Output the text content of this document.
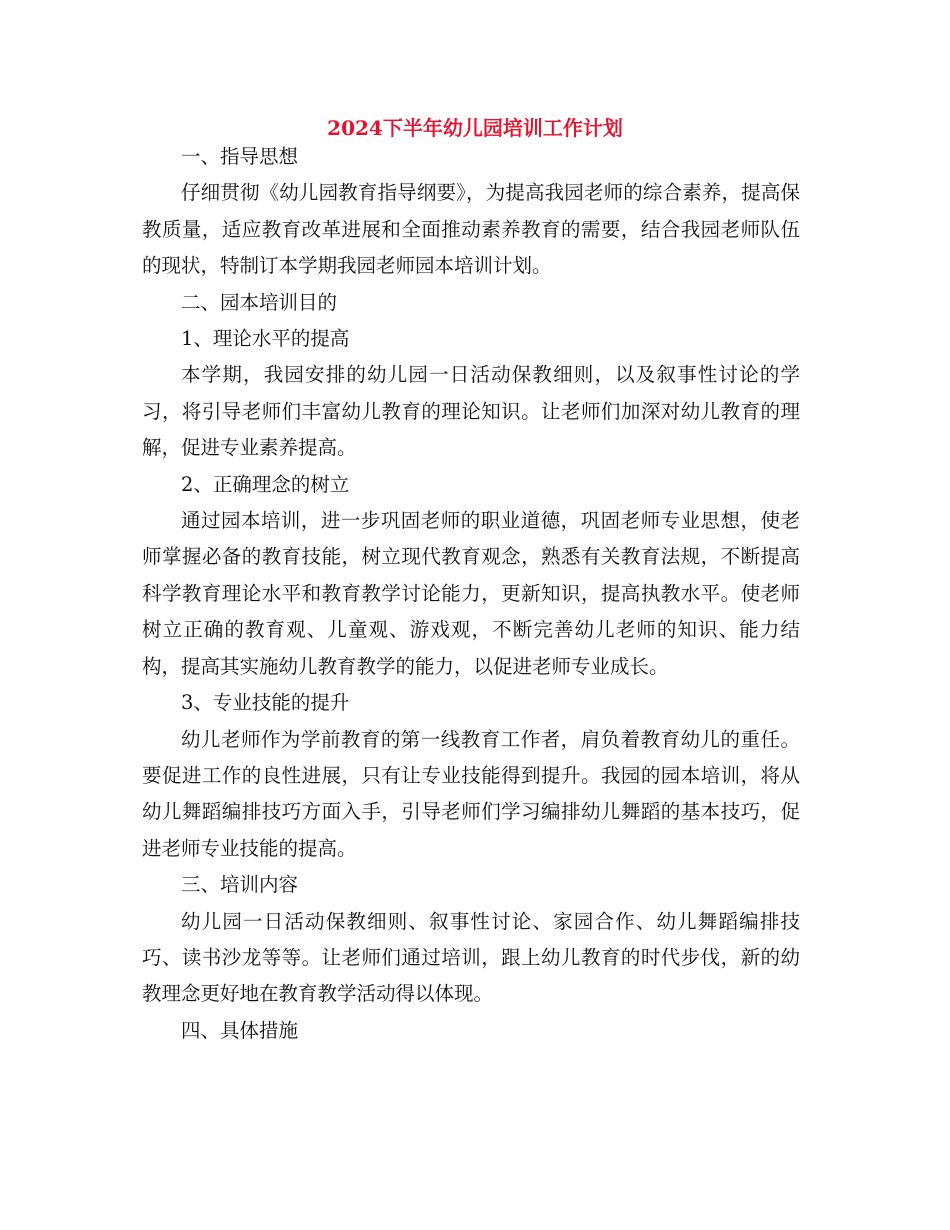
2024下半年幼儿园培训工作计划

一、指导思想

仔细贯彻《幼儿园教育指导纲要》，为提高我园老师的综合素养，提高保教质量，适应教育改革进展和全面推动素养教育的需要，结合我园老师队伍的现状，特制订本学期我园老师园本培训计划。

二、园本培训目的

1、理论水平的提高

本学期，我园安排的幼儿园一日活动保教细则，以及叙事性讨论的学习，将引导老师们丰富幼儿教育的理论知识。让老师们加深对幼儿教育的理解，促进专业素养提高。

2、正确理念的树立

通过园本培训，进一步巩固老师的职业道德，巩固老师专业思想，使老师掌握必备的教育技能，树立现代教育观念，熟悉有关教育法规，不断提高科学教育理论水平和教育教学讨论能力，更新知识，提高执教水平。使老师树立正确的教育观、儿童观、游戏观，不断完善幼儿老师的知识、能力结构，提高其实施幼儿教育教学的能力，以促进老师专业成长。

3、专业技能的提升

幼儿老师作为学前教育的第一线教育工作者，肩负着教育幼儿的重任。要促进工作的良性进展，只有让专业技能得到提升。我园的园本培训，将从幼儿舞蹈编排技巧方面入手，引导老师们学习编排幼儿舞蹈的基本技巧，促进老师专业技能的提高。

三、培训内容

幼儿园一日活动保教细则、叙事性讨论、家园合作、幼儿舞蹈编排技巧、读书沙龙等等。让老师们通过培训，跟上幼儿教育的时代步伐，新的幼教理念更好地在教育教学活动得以体现。

四、具体措施
